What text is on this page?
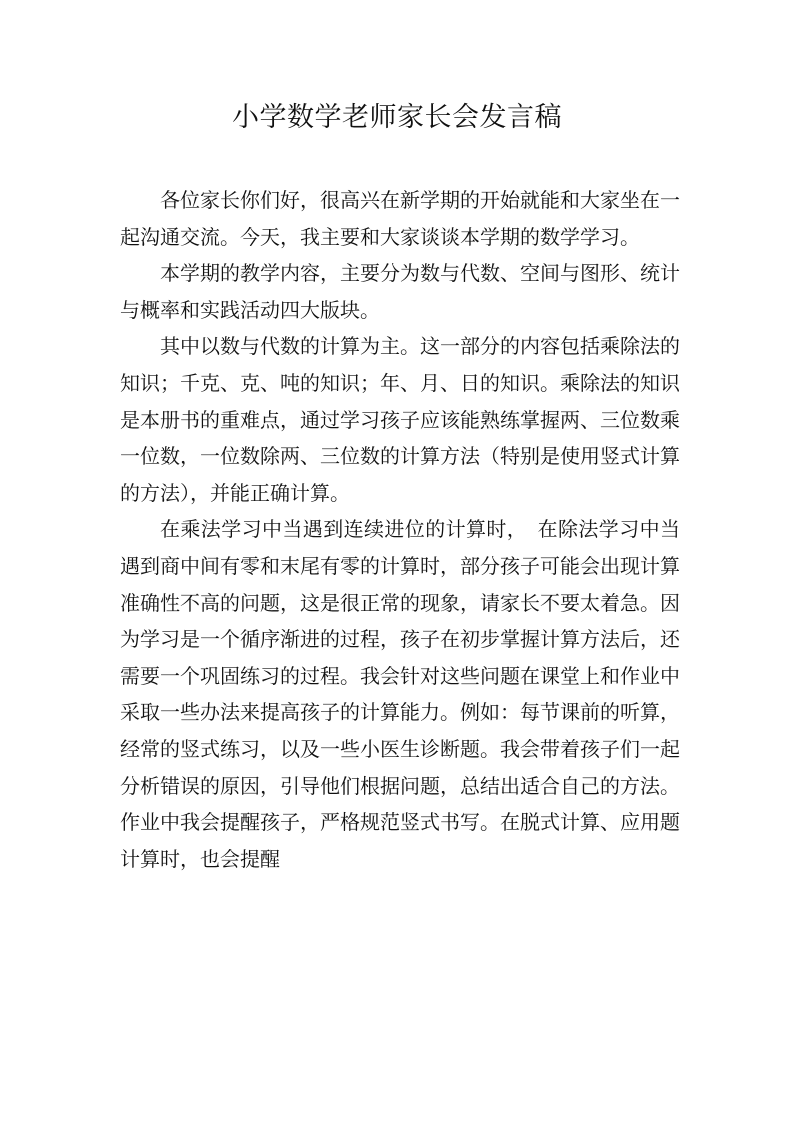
小学数学老师家长会发言稿

各位家长你们好，很高兴在新学期的开始就能和大家坐在一起沟通交流。今天，我主要和大家谈谈本学期的数学学习。

本学期的教学内容，主要分为数与代数、空间与图形、统计与概率和实践活动四大版块。

其中以数与代数的计算为主。这一部分的内容包括乘除法的知识；千克、克、吨的知识；年、月、日的知识。乘除法的知识是本册书的重难点，通过学习孩子应该能熟练掌握两、三位数乘一位数，一位数除两、三位数的计算方法（特别是使用竖式计算的方法），并能正确计算。

在乘法学习中当遇到连续进位的计算时，　在除法学习中当遇到商中间有零和末尾有零的计算时，部分孩子可能会出现计算准确性不高的问题，这是很正常的现象，请家长不要太着急。因为学习是一个循序渐进的过程，孩子在初步掌握计算方法后，还需要一个巩固练习的过程。我会针对这些问题在课堂上和作业中采取一些办法来提高孩子的计算能力。例如：每节课前的听算，经常的竖式练习，以及一些小医生诊断题。我会带着孩子们一起分析错误的原因，引导他们根据问题，总结出适合自己的方法。作业中我会提醒孩子，严格规范竖式书写。在脱式计算、应用题计算时，也会提醒
